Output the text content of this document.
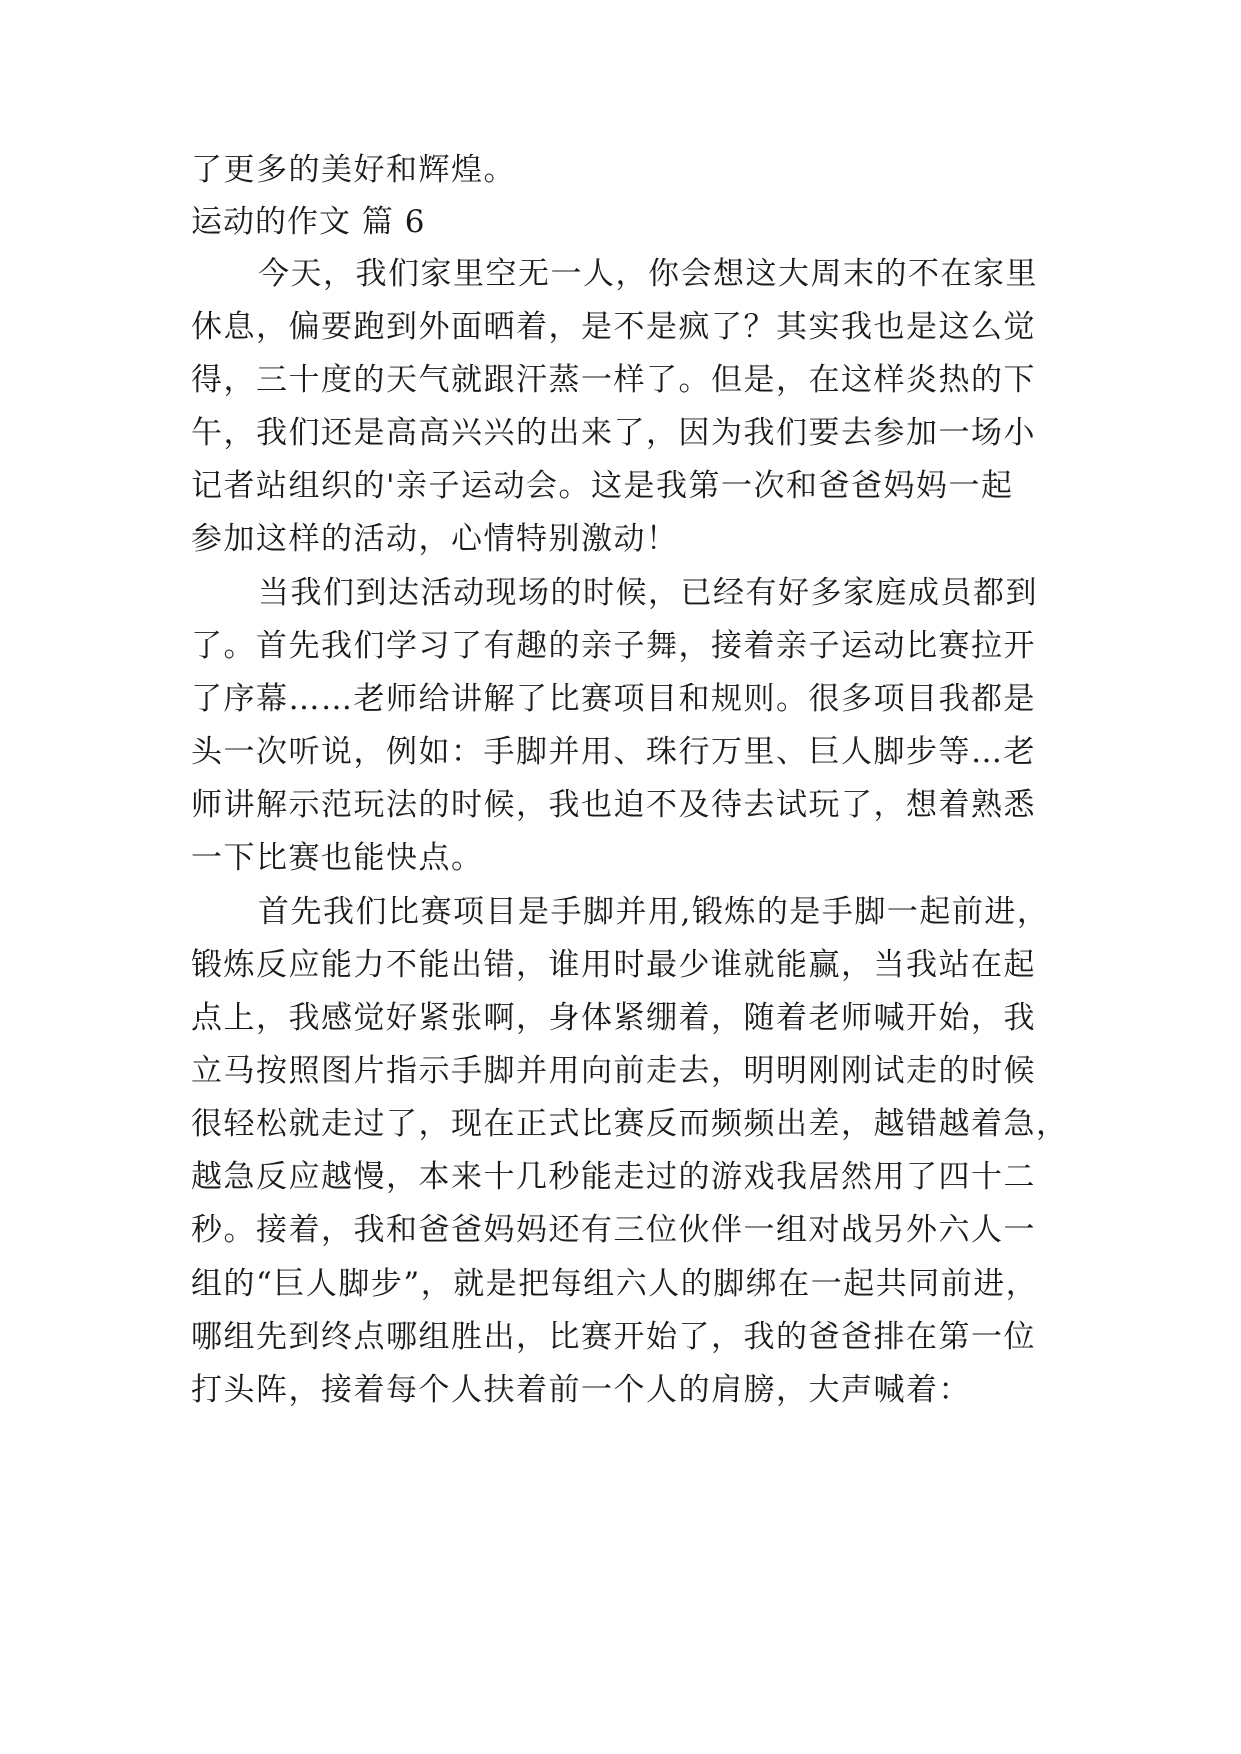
了更多的美好和辉煌。
运动的作文 篇 6
今天，我们家里空无一人，你会想这大周末的不在家里
休息，偏要跑到外面晒着，是不是疯了？其实我也是这么觉
得，三十度的天气就跟汗蒸一样了。但是，在这样炎热的下
午，我们还是高高兴兴的出来了，因为我们要去参加一场小
记者站组织的'亲子运动会。这是我第一次和爸爸妈妈一起
参加这样的活动，心情特别激动！
当我们到达活动现场的时候，已经有好多家庭成员都到
了。首先我们学习了有趣的亲子舞，接着亲子运动比赛拉开
了序幕……老师给讲解了比赛项目和规则。很多项目我都是
头一次听说，例如：手脚并用、珠行万里、巨人脚步等…老
师讲解示范玩法的时候，我也迫不及待去试玩了，想着熟悉
一下比赛也能快点。
首先我们比赛项目是手脚并用,锻炼的是手脚一起前进，
锻炼反应能力不能出错，谁用时最少谁就能赢，当我站在起
点上，我感觉好紧张啊，身体紧绷着，随着老师喊开始，我
立马按照图片指示手脚并用向前走去，明明刚刚试走的时候
很轻松就走过了，现在正式比赛反而频频出差，越错越着急，
越急反应越慢，本来十几秒能走过的游戏我居然用了四十二
秒。接着，我和爸爸妈妈还有三位伙伴一组对战另外六人一
组的“巨人脚步”，就是把每组六人的脚绑在一起共同前进，
哪组先到终点哪组胜出，比赛开始了，我的爸爸排在第一位
打头阵，接着每个人扶着前一个人的肩膀，大声喊着：
